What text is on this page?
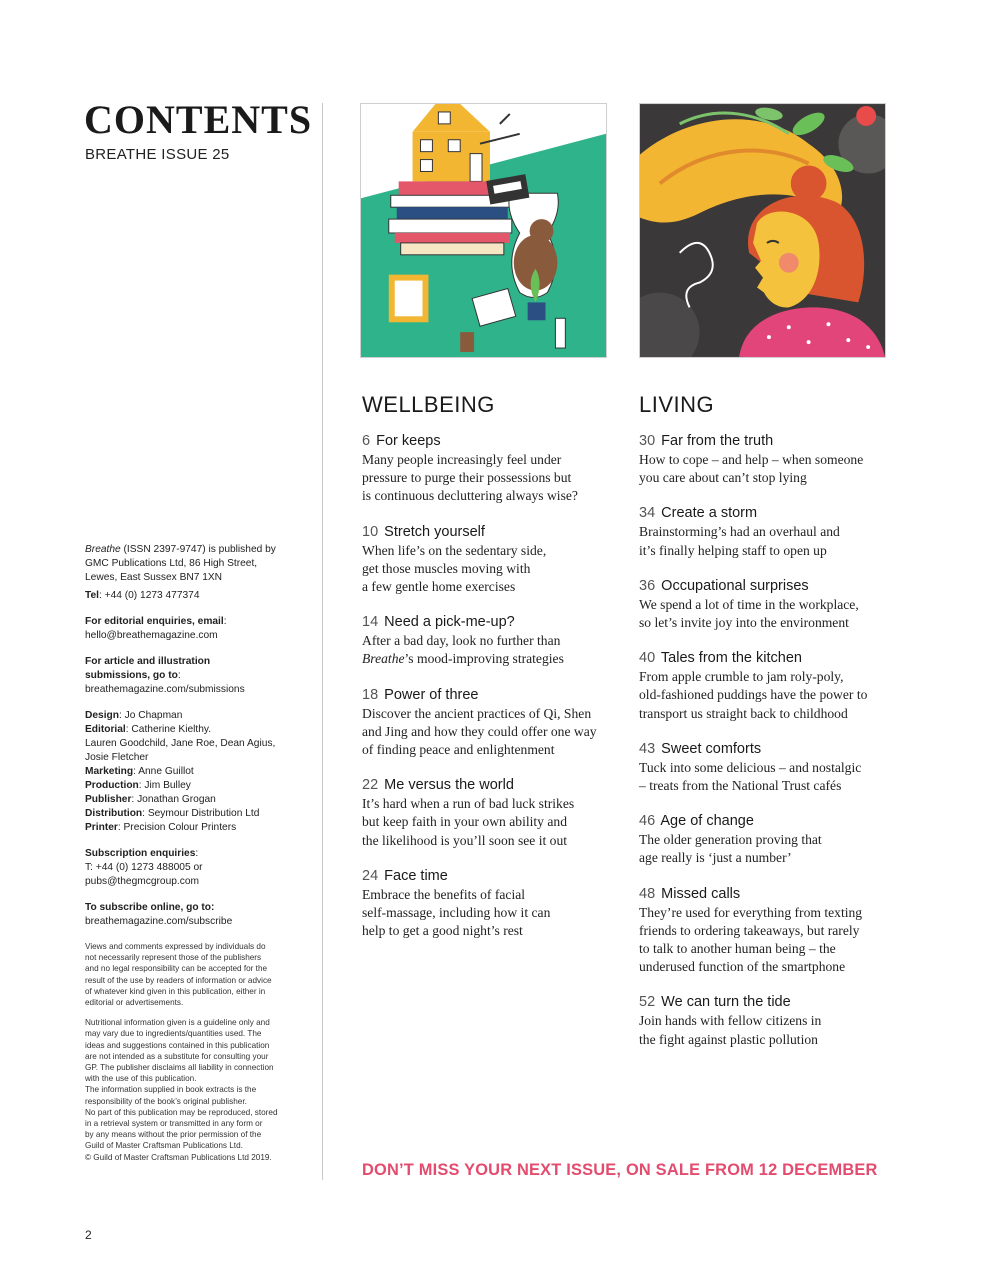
CONTENTS
BREATHE ISSUE 25

Breathe (ISSN 2397-9747) is published by
GMC Publications Ltd, 86 High Street,
Lewes, East Sussex BN7 1XN
Tel: +44 (0) 1273 477374

For editorial enquiries, email:
hello@breathemagazine.com

For article and illustration
submissions, go to:
breathemagazine.com/submissions

Design: Jo Chapman
Editorial: Catherine Kielthy.
Lauren Goodchild, Jane Roe, Dean Agius,
Josie Fletcher
Marketing: Anne Guillot
Production: Jim Bulley
Publisher: Jonathan Grogan
Distribution: Seymour Distribution Ltd
Printer: Precision Colour Printers

Subscription enquiries:
T: +44 (0) 1273 488005 or
pubs@thegmcgroup.com

To subscribe online, go to:
breathemagazine.com/subscribe

Views and comments expressed by individuals do
not necessarily represent those of the publishers
and no legal responsibility can be accepted for the
result of the use by readers of information or advice
of whatever kind given in this publication, either in
editorial or advertisements.

Nutritional information given is a guideline only and
may vary due to ingredients/quantities used. The
ideas and suggestions contained in this publication
are not intended as a substitute for consulting your
GP. The publisher disclaims all liability in connection
with the use of this publication.
The information supplied in book extracts is the
responsibility of the book’s original publisher.
No part of this publication may be reproduced, stored
in a retrieval system or transmitted in any form or
by any means without the prior permission of the
Guild of Master Craftsman Publications Ltd.
© Guild of Master Craftsman Publications Ltd 2019.

2
WELLBEING
6 For keeps
Many people increasingly feel under
pressure to purge their possessions but
is continuous decluttering always wise?
10 Stretch yourself
When life’s on the sedentary side,
get those muscles moving with
a few gentle home exercises
14 Need a pick-me-up?
After a bad day, look no further than
Breathe’s mood-improving strategies
18 Power of three
Discover the ancient practices of Qi, Shen
and Jing and how they could offer one way
of finding peace and enlightenment
22 Me versus the world
It’s hard when a run of bad luck strikes
but keep faith in your own ability and
the likelihood is you’ll soon see it out
24 Face time
Embrace the benefits of facial
self-massage, including how it can
help to get a good night’s rest
LIVING
30 Far from the truth
How to cope – and help – when someone
you care about can’t stop lying
34 Create a storm
Brainstorming’s had an overhaul and
it’s finally helping staff to open up
36 Occupational surprises
We spend a lot of time in the workplace,
so let’s invite joy into the environment
40 Tales from the kitchen
From apple crumble to jam roly-poly,
old-fashioned puddings have the power to
transport us straight back to childhood
43 Sweet comforts
Tuck into some delicious – and nostalgic
– treats from the National Trust cafés
46 Age of change
The older generation proving that
age really is ‘just a number’
48 Missed calls
They’re used for everything from texting
friends to ordering takeaways, but rarely
to talk to another human being – the
underused function of the smartphone
52 We can turn the tide
Join hands with fellow citizens in
the fight against plastic pollution
DON’T MISS YOUR NEXT ISSUE, ON SALE FROM 12 DECEMBER
